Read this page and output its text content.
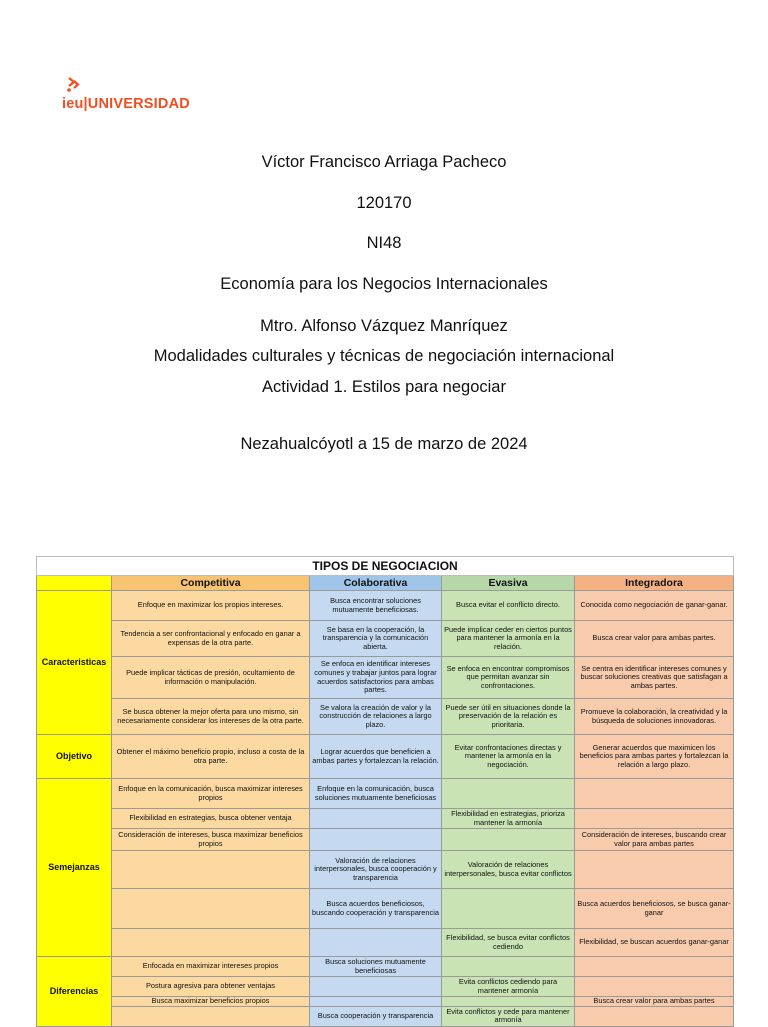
ieu|UNIVERSIDAD
Víctor Francisco Arriaga Pacheco
120170
NI48
Economía para los Negocios Internacionales
Mtro. Alfonso Vázquez Manríquez
Modalidades culturales y técnicas de negociación internacional
Actividad 1. Estilos para negociar
Nezahualcóyotl a 15 de marzo de 2024
TIPOS DE NEGOCIACION				
	Competitiva	Colaborativa	Evasiva	Integradora
Caracteristicas	Enfoque en maximizar los propios intereses.	Busca encontrar soluciones mutuamente beneficiosas.	Busca evitar el conflicto directo.	Conocida como negociación de ganar-ganar.
	Tendencia a ser confrontacional y enfocado en ganar a expensas de la otra parte.	Se basa en la cooperación, la transparencia y la comunicación abierta.	Puede implicar ceder en ciertos puntos para mantener la armonía en la relación.	Busca crear valor para ambas partes.
	Puede implicar tácticas de presión, ocultamiento de información o manipulación.	Se enfoca en identificar intereses comunes y trabajar juntos para lograr acuerdos satisfactorios para ambas partes.	Se enfoca en encontrar compromisos que permitan avanzar sin confrontaciones.	Se centra en identificar intereses comunes y buscar soluciones creativas que satisfagan a ambas partes.
	Se busca obtener la mejor oferta para uno mismo, sin necesariamente considerar los intereses de la otra parte.	Se valora la creación de valor y la construcción de relaciones a largo plazo.	Puede ser útil en situaciones donde la preservación de la relación es prioritaria.	Promueve la colaboración, la creatividad y la búsqueda de soluciones innovadoras.
Objetivo	Obtener el máximo beneficio propio, incluso a costa de la otra parte.	Lograr acuerdos que beneficien a ambas partes y fortalezcan la relación.	Evitar confrontaciones directas y mantener la armonía en la negociación.	Generar acuerdos que maximicen los beneficios para ambas partes y fortalezcan la relación a largo plazo.
Semejanzas	Enfoque en la comunicación, busca maximizar intereses propios	Enfoque en la comunicación, busca soluciones mutuamente beneficiosas		
	Flexibilidad en estrategias, busca obtener ventaja		Flexibilidad en estrategias, prioriza mantener la armonía	
	Consideración de intereses, busca maximizar beneficios propios			Consideración de intereses, buscando crear valor para ambas partes
		Valoración de relaciones interpersonales, busca cooperación y transparencia	Valoración de relaciones interpersonales, busca evitar conflictos	
		Busca acuerdos beneficiosos, buscando cooperación y transparencia		Busca acuerdos beneficiosos, se busca ganar-ganar
			Flexibilidad, se busca evitar conflictos cediendo	Flexibilidad, se buscan acuerdos ganar-ganar
Diferencias	Enfocada en maximizar intereses propios	Busca soluciones mutuamente beneficiosas		
	Postura agresiva para obtener ventajas		Evita conflictos cediendo para mantener armonía	
	Busca maximizar beneficios propios			Busca crear valor para ambas partes
		Busca cooperación y transparencia	Evita conflictos y cede para mantener armonía	
